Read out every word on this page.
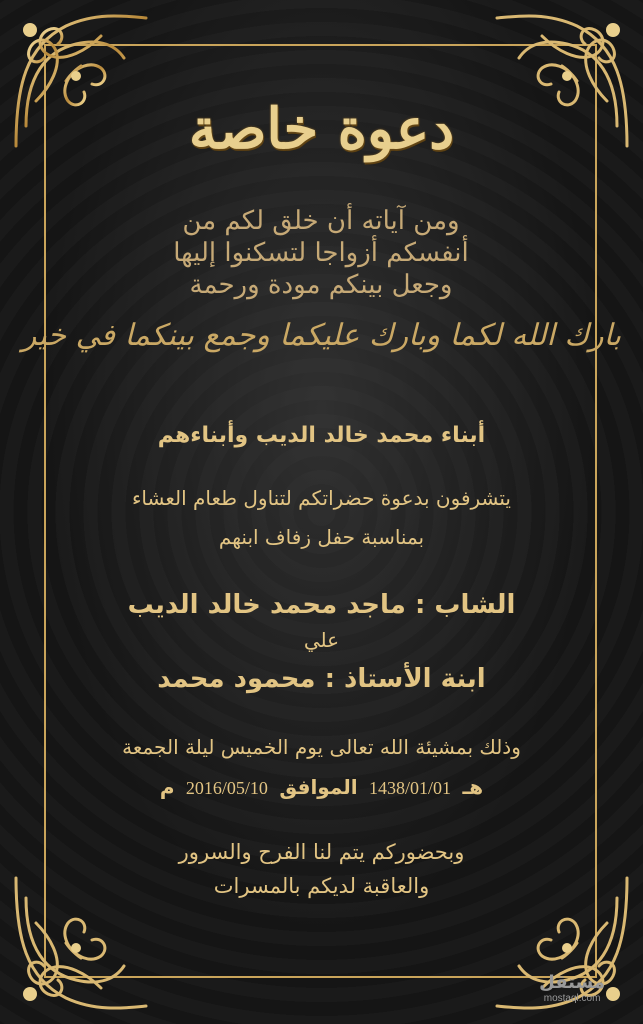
دعوة خاصة
ومن آياته أن خلق لكم من أنفسكم أزواجا لتسكنوا إليها وجعل بينكم مودة ورحمة
بارك الله لكما وبارك عليكما وجمع بينكما في خير
أبناء محمد خالد الديب وأبناءهم
يتشرفون بدعوة حضراتكم لتناول طعام العشاء
بمناسبة حفل زفاف ابنهم
الشاب : ماجد محمد خالد الديب
علي
ابنة الأستاذ : محمود محمد
وذلك بمشيئة الله تعالى يوم الخميس ليلة الجمعة
هـ 1438/01/01 الموافق 2016/05/10 م
وبحضوركم يتم لنا الفرح والسرور
والعاقبة لديكم بالمسرات
مستقل
mostaql.com
